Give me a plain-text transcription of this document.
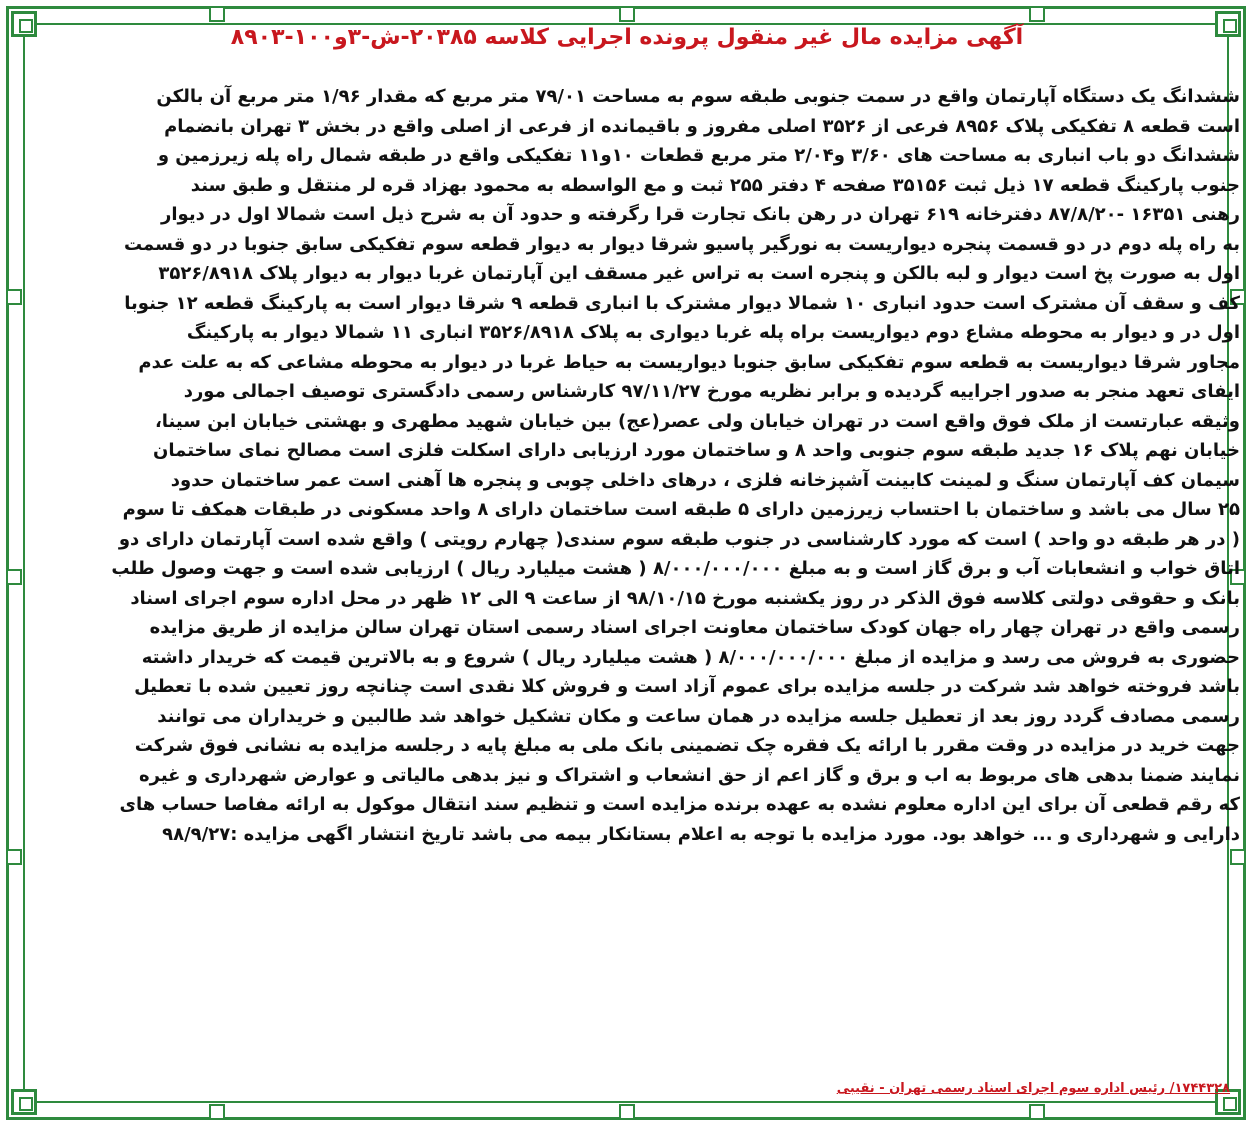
آگهی مزایده مال غیر منقول پرونده اجرایی کلاسه ۲۰۳۸۵-ش-۳و۱۰۰-۸۹۰۳
ششدانگ یک دستگاه آپارتمان واقع در سمت جنوبی طبقه سوم به مساحت ۷۹/۰۱ متر مربع که مقدار ۱/۹۶ متر مربع آن بالکن
است قطعه ۸ تفکیکی پلاک ۸۹۵۶ فرعی از ۳۵۲۶ اصلی مفروز و باقیمانده از فرعی از اصلی واقع در بخش ۳ تهران بانضمام
ششدانگ دو باب انباری به مساحت های ۳/۶۰ و۲/۰۴ متر مربع قطعات ۱۰و۱۱ تفکیکی واقع در طبقه شمال راه پله زیرزمین و
جنوب پارکینگ قطعه ۱۷ ذیل ثبت ۳۵۱۵۶ صفحه ۴ دفتر ۲۵۵ ثبت و مع الواسطه به محمود بهزاد قره لر منتقل و طبق سند
رهنی ۱۶۳۵۱ -۸۷/۸/۲۰ دفترخانه ۶۱۹ تهران در رهن بانک تجارت قرا رگرفته و حدود آن به شرح ذیل است شمالا اول در دیوار
به راه پله دوم در دو قسمت پنجره دیواریست به نورگیر پاسیو شرقا دیوار به دیوار قطعه سوم تفکیکی سابق جنوبا در دو قسمت
اول به صورت پخ است دیوار و لبه بالکن و پنجره است به تراس غیر مسقف این آپارتمان غربا دیوار به دیوار پلاک ۳۵۲۶/۸۹۱۸
کف و سقف آن مشترک است حدود انباری ۱۰ شمالا دیوار مشترک با انباری قطعه ۹ شرقا دیوار است به پارکینگ قطعه ۱۲ جنوبا
اول در و دیوار به محوطه مشاع دوم دیواریست براه پله غربا دیواری به پلاک ۳۵۲۶/۸۹۱۸ انباری ۱۱ شمالا دیوار به پارکینگ
مجاور شرقا دیواریست به قطعه سوم تفکیکی سابق جنوبا دیواریست به حیاط غربا در دیوار به محوطه مشاعی که به علت عدم
ایفای تعهد منجر به صدور اجراییه گردیده و برابر نظریه مورخ ۹۷/۱۱/۲۷ کارشناس رسمی دادگستری توصیف اجمالی مورد
وثیقه عبارتست از ملک فوق واقع است در تهران خیابان ولی عصر(عج) بین خیابان شهید مطهری و بهشتی خیابان ابن سینا،
خیابان نهم پلاک ۱۶ جدید طبقه سوم جنوبی واحد ۸ و ساختمان مورد ارزیابی دارای اسکلت فلزی است مصالح نمای ساختمان
سیمان کف آپارتمان سنگ و لمینت کابینت آشپزخانه فلزی ، درهای داخلی چوبی و پنجره ها آهنی است عمر ساختمان حدود
۲۵ سال می باشد و ساختمان با احتساب زیرزمین دارای ۵ طبقه است ساختمان دارای ۸ واحد مسکونی در طبقات همکف تا سوم
( در هر طبقه دو واحد ) است که مورد کارشناسی در جنوب طبقه سوم سندی( چهارم رویتی ) واقع شده است آپارتمان دارای دو
اتاق خواب و انشعابات آب و برق گاز است و به مبلغ ۸/۰۰۰/۰۰۰/۰۰۰ ( هشت میلیارد ریال ) ارزیابی شده است و جهت وصول طلب
بانک و حقوقی دولتی کلاسه فوق الذکر در روز یکشنبه مورخ ۹۸/۱۰/۱۵ از ساعت ۹ الی ۱۲ ظهر در محل اداره سوم اجرای اسناد
رسمی واقع در تهران چهار راه جهان کودک ساختمان معاونت اجرای اسناد رسمی استان تهران سالن مزایده از طریق مزایده
حضوری به فروش می رسد و مزایده از مبلغ ۸/۰۰۰/۰۰۰/۰۰۰ ( هشت میلیارد ریال ) شروع و به بالاترین قیمت که خریدار داشته
باشد فروخته خواهد شد شرکت در جلسه مزایده برای عموم آزاد است و فروش کلا نقدی است چنانچه روز تعیین شده با تعطیل
رسمی مصادف گردد روز بعد از تعطیل جلسه مزایده در همان ساعت و مکان تشکیل خواهد شد طالبین و خریداران می توانند
جهت خرید در مزایده در وقت مقرر با ارائه یک فقره چک تضمینی بانک ملی به مبلغ پایه د رجلسه مزایده به نشانی فوق شرکت
نمایند ضمنا بدهی های مربوط به اب و برق و گاز اعم از حق انشعاب و اشتراک و نیز بدهی مالیاتی و عوارض شهرداری و غیره
که رقم قطعی آن برای این اداره معلوم نشده به عهده برنده مزایده است و تنظیم سند انتقال موکول به ارائه مفاصا حساب های
دارایی و شهرداری و ... خواهد بود. مورد مزایده با توجه به اعلام بستانکار بیمه می باشد تاریخ انتشار اگهی مزایده :۹۸/۹/۲۷
۱۷۴۴۳۲۸/ رئیس اداره سوم اجرای اسناد رسمی تهران - نقیبی
